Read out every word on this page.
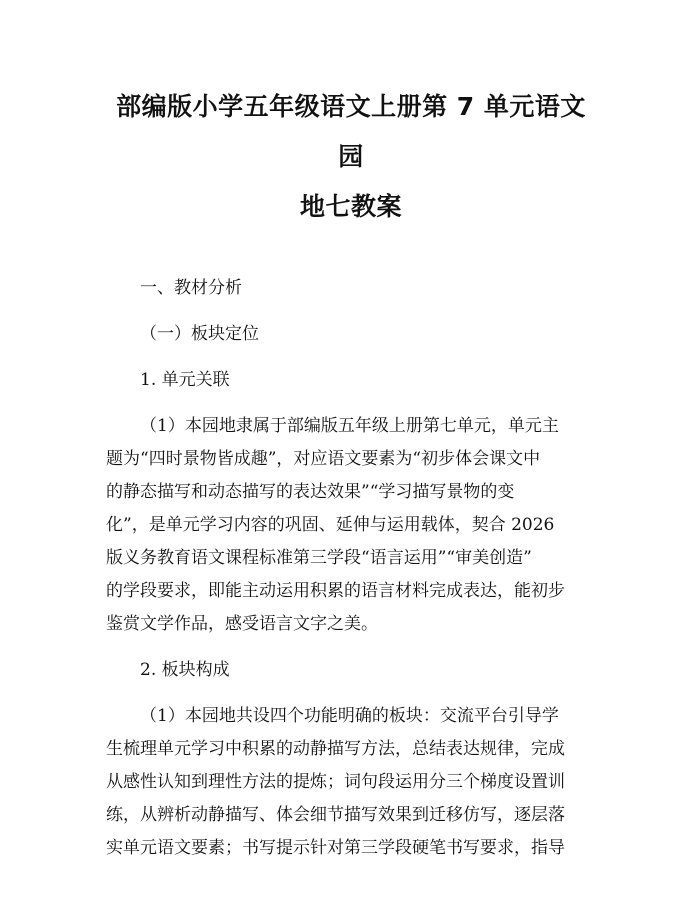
部编版小学五年级语文上册第 7 单元语文园
地七教案

一、教材分析

（一）板块定位

1. 单元关联

（1）本园地隶属于部编版五年级上册第七单元，单元主
题为“四时景物皆成趣”，对应语文要素为“初步体会课文中
的静态描写和动态描写的表达效果”“学习描写景物的变
化”，是单元学习内容的巩固、延伸与运用载体，契合 2026
版义务教育语文课程标准第三学段“语言运用”“审美创造”
的学段要求，即能主动运用积累的语言材料完成表达，能初步
鉴赏文学作品，感受语言文字之美。

2. 板块构成

（1）本园地共设四个功能明确的板块：交流平台引导学
生梳理单元学习中积累的动静描写方法，总结表达规律，完成
从感性认知到理性方法的提炼；词句段运用分三个梯度设置训
练，从辨析动静描写、体会细节描写效果到迁移仿写，逐层落
实单元语文要素；书写提示针对第三学段硬笔书写要求，指导
